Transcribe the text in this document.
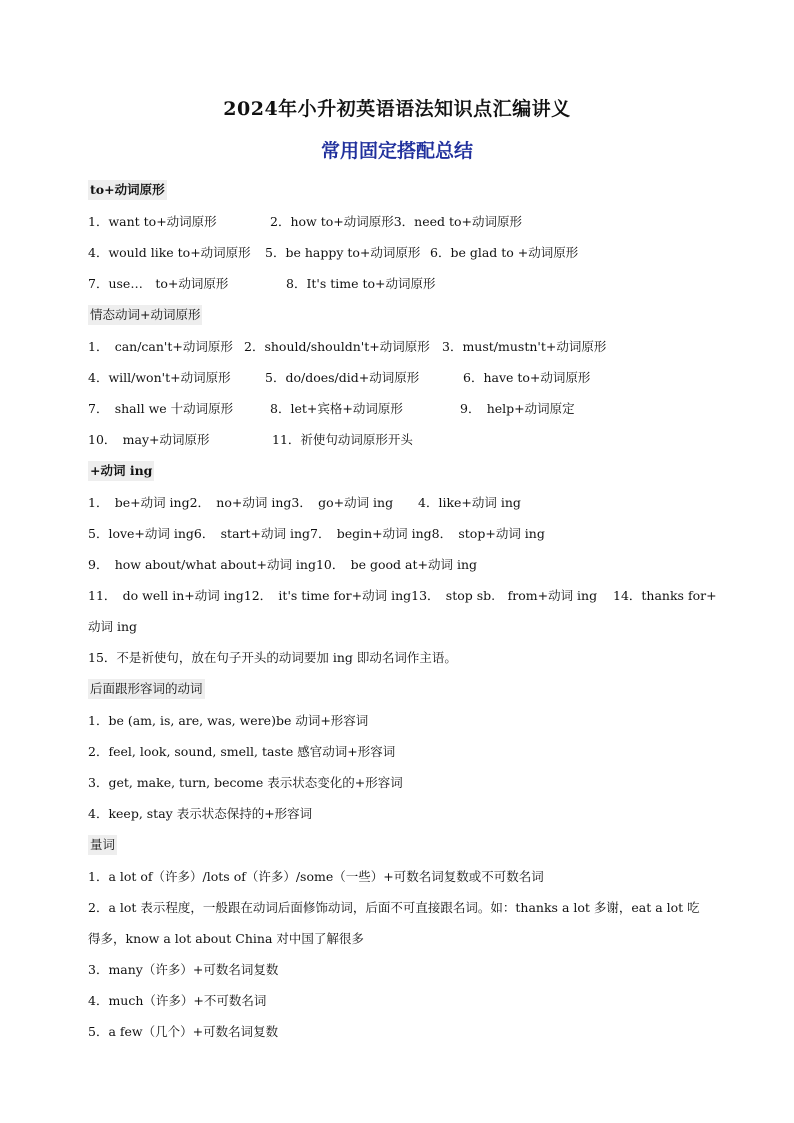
2024年小升初英语语法知识点汇编讲义
常用固定搭配总结
to+动词原形
1．want to+动词原形	2．how to+动词原形3．need to+动词原形
4．would like to+动词原形 5．be happy to+动词原形 6．be glad to +动词原形
7．use…　to+动词原形	8．It's time to+动词原形
情态动词+动词原形
1．　can/can't+动词原形 2．should/shouldn't+动词原形 3．must/mustn't+动词原形
4．will/won't+动词原形	5．do/does/did+动词原形	6．have to+动词原形
7．　shall we 十动词原形	8．let+宾格+动词原形	9．　help+动词原定
10．　may+动词原形	11．祈使句动词原形开头
+动词 ing
1．　be+动词 ing2．　no+动词 ing3．　go+动词 ing 4．like+动词 ing
5．love+动词 ing6．　start+动词 ing7．　begin+动词 ing8．　stop+动词 ing
9．　how about/what about+动词 ing10．　be good at+动词 ing
11．　do well in+动词 ing12．　it's time for+动词 ing13．　stop sb.　from+动词 ing 14．thanks for+
动词 ing
15．不是祈使句，放在句子开头的动词要加 ing 即动名词作主语。
后面跟形容词的动词
1．be (am, is, are, was, were)be 动词+形容词
2．feel, look, sound, smell, taste 感官动词+形容词
3．get, make, turn, become 表示状态变化的+形容词
4．keep, stay 表示状态保持的+形容词
量词
1．a lot of（许多）/lots of（许多）/some（一些）+可数名词复数或不可数名词
2．a lot 表示程度，一般跟在动词后面修饰动词，后面不可直接跟名词。如：thanks a lot 多谢，eat a lot 吃得多，know a lot about China 对中国了解很多
3．many（许多）+可数名词复数
4．much（许多）+不可数名词
5．a few（几个）+可数名词复数
